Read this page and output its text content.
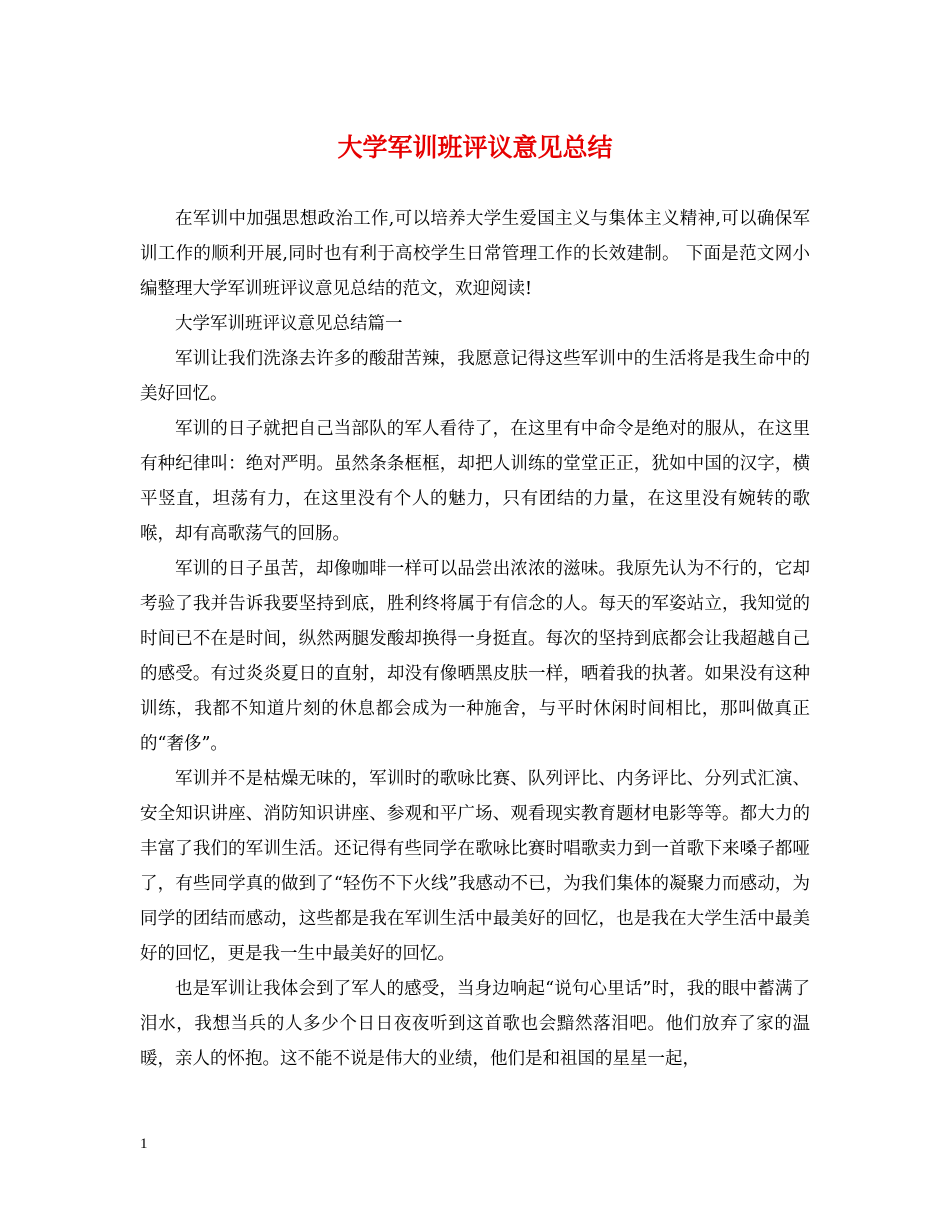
大学军训班评议意见总结

在军训中加强思想政治工作,可以培养大学生爱国主义与集体主义精神,可以确保军训工作的顺利开展,同时也有利于高校学生日常管理工作的长效建制。 下面是范文网小编整理大学军训班评议意见总结的范文，欢迎阅读!

大学军训班评议意见总结篇一

军训让我们洗涤去许多的酸甜苦辣，我愿意记得这些军训中的生活将是我生命中的美好回忆。

军训的日子就把自己当部队的军人看待了，在这里有中命令是绝对的服从，在这里有种纪律叫：绝对严明。虽然条条框框，却把人训练的堂堂正正，犹如中国的汉字，横平竖直，坦荡有力，在这里没有个人的魅力，只有团结的力量，在这里没有婉转的歌喉，却有高歌荡气的回肠。

军训的日子虽苦，却像咖啡一样可以品尝出浓浓的滋味。我原先认为不行的，它却考验了我并告诉我要坚持到底，胜利终将属于有信念的人。每天的军姿站立，我知觉的时间已不在是时间，纵然两腿发酸却换得一身挺直。每次的坚持到底都会让我超越自己的感受。有过炎炎夏日的直射，却没有像晒黑皮肤一样，晒着我的执著。如果没有这种训练，我都不知道片刻的休息都会成为一种施舍，与平时休闲时间相比，那叫做真正的“奢侈”。

军训并不是枯燥无味的，军训时的歌咏比赛、队列评比、内务评比、分列式汇演、安全知识讲座、消防知识讲座、参观和平广场、观看现实教育题材电影等等。都大力的丰富了我们的军训生活。还记得有些同学在歌咏比赛时唱歌卖力到一首歌下来嗓子都哑了，有些同学真的做到了“轻伤不下火线”我感动不已，为我们集体的凝聚力而感动，为同学的团结而感动，这些都是我在军训生活中最美好的回忆，也是我在大学生活中最美好的回忆，更是我一生中最美好的回忆。

也是军训让我体会到了军人的感受，当身边响起“说句心里话”时，我的眼中蓄满了泪水，我想当兵的人多少个日日夜夜听到这首歌也会黯然落泪吧。他们放弃了家的温暖，亲人的怀抱。这不能不说是伟大的业绩，他们是和祖国的星星一起，

1
